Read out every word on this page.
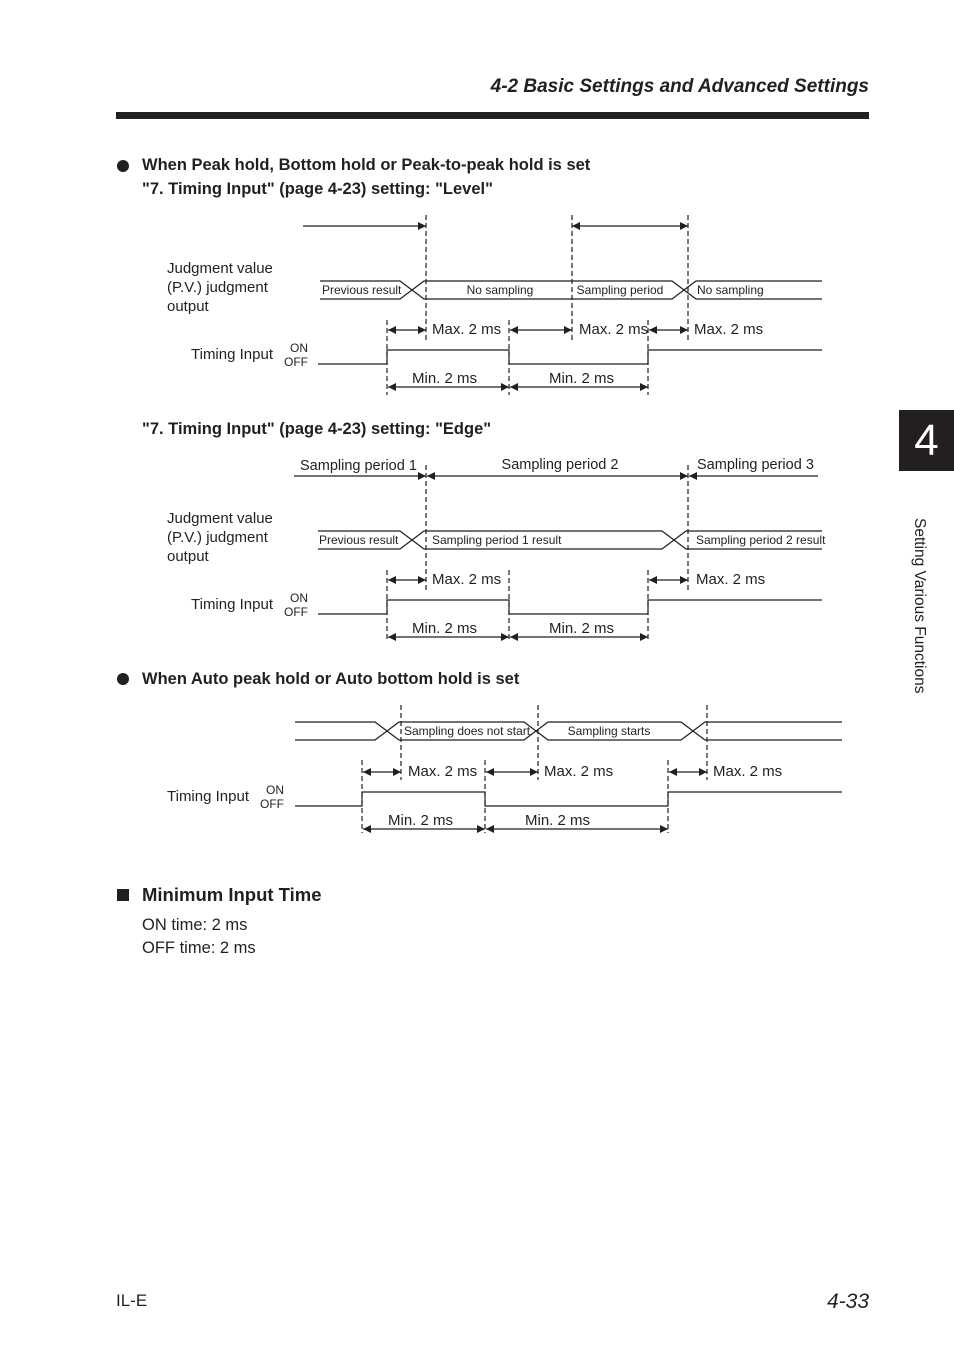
4-2 Basic Settings and Advanced Settings
4
Setting Various Functions
When Peak hold, Bottom hold or Peak-to-peak hold is set
"7. Timing Input" (page 4-23) setting: "Level"
"7. Timing Input" (page 4-23) setting: "Edge"
When Auto peak hold or Auto bottom hold is set
Judgment value
(P.V.) judgment
output
Previous result	No sampling	Sampling period	No sampling
Max. 2 ms	Max. 2 ms	Max. 2 ms
Timing Input ON
OFF
Min. 2 ms	Min. 2 ms
Sampling period 1	Sampling period 2	Sampling period 3
Judgment value
(P.V.) judgment
output
Previous result	Sampling period 1 result	Sampling period 2 result
Max. 2 ms	Max. 2 ms
Timing Input ON
OFF
Min. 2 ms	Min. 2 ms
Sampling does not start	Sampling starts
Max. 2 ms	Max. 2 ms	Max. 2 ms
Timing Input ON
OFF
Min. 2 ms	Min. 2 ms
Minimum Input Time
ON time: 2 ms
OFF time: 2 ms
IL-E	4-33
